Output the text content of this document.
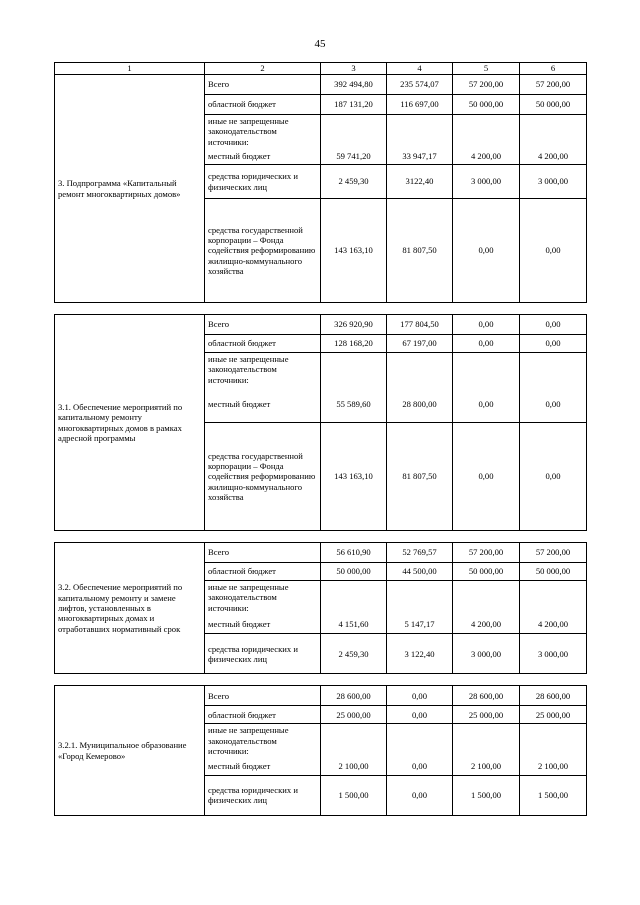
45
1	2	3	4	5	6
3. Подпрограмма «Капитальный ремонт многоквартирных домов»	Всего	392 494,80	235 574,07	57 200,00	57 200,00
	областной бюджет	187 131,20	116 697,00	50 000,00	50 000,00
	иные не запрещенные законодательством источники:				
	местный бюджет	59 741,20	33 947,17	4 200,00	4 200,00
	средства юридических и физических лиц	2 459,30	3122,40	3 000,00	3 000,00
	средства государственной корпорации – Фонда содействия реформированию жилищно-коммунального хозяйства	143 163,10	81 807,50	0,00	0,00

3.1. Обеспечение мероприятий по капитальному ремонту многоквартирных домов в рамках адресной программы	Всего	326 920,90	177 804,50	0,00	0,00
	областной бюджет	128 168,20	67 197,00	0,00	0,00
	иные не запрещенные законодательством источники:				
	местный бюджет	55 589,60	28 800,00	0,00	0,00
	средства государственной корпорации – Фонда содействия реформированию жилищно-коммунального хозяйства	143 163,10	81 807,50	0,00	0,00

3.2. Обеспечение мероприятий по капитальному ремонту и замене лифтов, установленных в многоквартирных домах и отработавших нормативный срок	Всего	56 610,90	52 769,57	57 200,00	57 200,00
	областной бюджет	50 000,00	44 500,00	50 000,00	50 000,00
	иные не запрещенные законодательством источники:				
	местный бюджет	4 151,60	5 147,17	4 200,00	4 200,00
	средства юридических и физических лиц	2 459,30	3 122,40	3 000,00	3 000,00

3.2.1. Муниципальное образование «Город Кемерово»	Всего	28 600,00	0,00	28 600,00	28 600,00
	областной бюджет	25 000,00	0,00	25 000,00	25 000,00
	иные не запрещенные законодательством источники:				
	местный бюджет	2 100,00	0,00	2 100,00	2 100,00
	средства юридических и физических лиц	1 500,00	0,00	1 500,00	1 500,00
